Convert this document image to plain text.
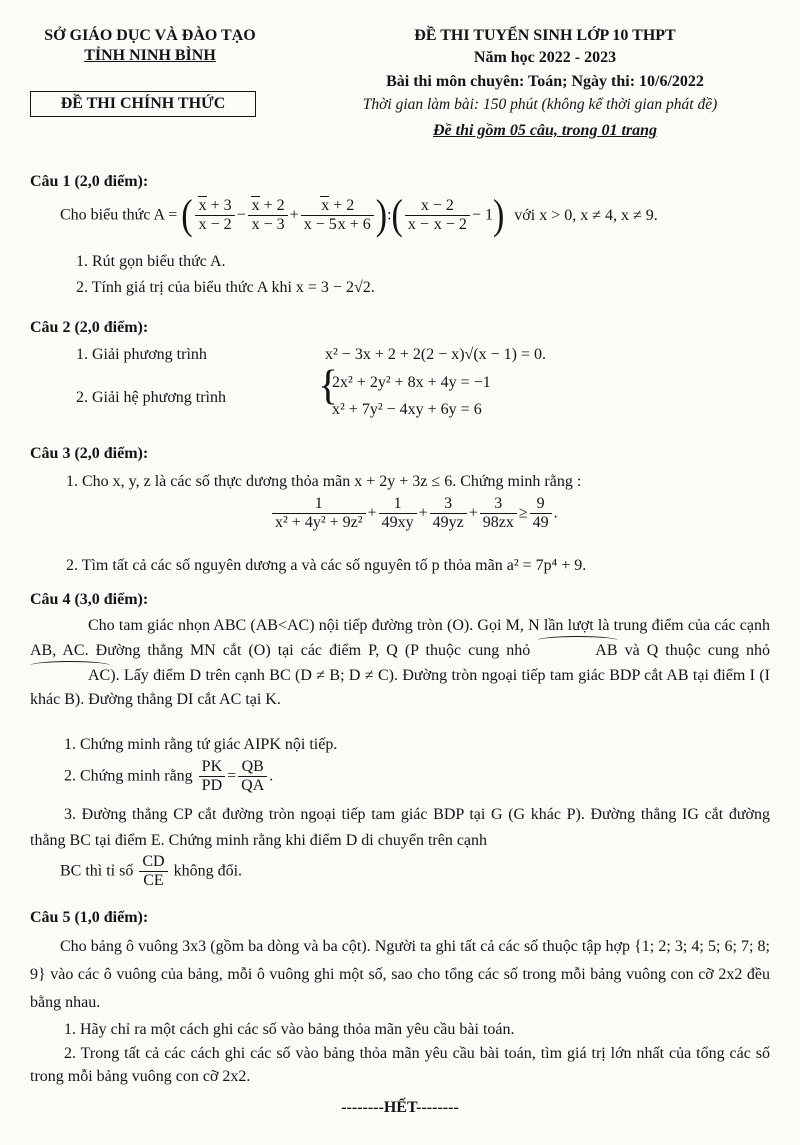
SỞ GIÁO DỤC VÀ ĐÀO TẠO
TỈNH NINH BÌNH
ĐỀ THI CHÍNH THỨC
ĐỀ THI TUYỂN SINH LỚP 10 THPT
Năm học 2022 - 2023
Bài thi môn chuyên: Toán; Ngày thi: 10/6/2022
Thời gian làm bài: 150 phút (không kể thời gian phát đề)
Đề thi gồm 05 câu, trong 01 trang
Câu 1 (2,0 điểm):
Cho biểu thức A = ( $\frac{x + 3}{x - 2} - \frac{x + 2}{x - 3} + \frac{x + 2}{x - 5x + 6}$ ):( $\frac{x - 2}{x - x - 2} - 1$) với x > 0, x ≠ 4, x ≠ 9.
1. Rút gọn biểu thức A.
2. Tính giá trị của biểu thức A khi x = 3 − 2√2.
Câu 2 (2,0 điểm):
1. Giải phương trình	x² − 3x + 2 + 2(2 − x)√(x − 1) = 0.
2. Giải hệ phương trình {
2x² + 2y² + 8x + 4y = −1
x² + 7y² − 4xy + 6y = 6
Câu 3 (2,0 điểm):
1. Cho x, y, z là các số thực dương thỏa mãn x + 2y + 3z ≤ 6. Chứng minh rằng :
$\frac{1}{\text{x² + 4y² + 9z²}} + \frac{1}{49xy} + \frac{3}{49yz} + \frac{3}{98zx} \ge \frac{9}{49}$ .
2. Tìm tất cả các số nguyên dương a và các số nguyên tố p thỏa mãn a² = 7p⁴ + 9.
Câu 4 (3,0 điểm):
Cho tam giác nhọn ABC (AB<AC) nội tiếp đường tròn (O). Gọi M, N lần lượt là trung điểm của các cạnh AB, AC. Đường thẳng MN cắt (O) tại các điểm P, Q (P thuộc cung nhỏ	AB và Q thuộc cung nhỏ AC). Lấy điểm D trên cạnh BC (D ≠ B; D ≠ C). Đường tròn ngoại tiếp tam giác BDP cắt AB tại điểm I (I khác B). Đường thẳng DI cắt AC tại K.
1. Chứng minh rằng tứ giác AIPK nội tiếp.
2. Chứng minh rằng $\frac{PK}{PD} = \frac{QB}{QA}$ .
3. Đường thẳng CP cắt đường tròn ngoại tiếp tam giác BDP tại G (G khác P). Đường thẳng IG cắt đường thẳng BC tại điểm E. Chứng minh rằng khi điểm D di chuyển trên cạnh
BC thì tỉ số $\frac{CD}{CE}$ không đổi.
Câu 5 (1,0 điểm):
Cho bảng ô vuông 3x3 (gồm ba dòng và ba cột). Người ta ghi tất cả các số thuộc tập hợp {1; 2; 3; 4; 5; 6; 7; 8; 9} vào các ô vuông của bảng, mỗi ô vuông ghi một số, sao cho tổng các số trong mỗi bảng vuông con cỡ 2x2 đều bằng nhau.
1. Hãy chỉ ra một cách ghi các số vào bảng thỏa mãn yêu cầu bài toán.
2. Trong tất cả các cách ghi các số vào bảng thỏa mãn yêu cầu bài toán, tìm giá trị lớn nhất của tổng các số trong mỗi bảng vuông con cỡ 2x2.
--------HẾT--------
